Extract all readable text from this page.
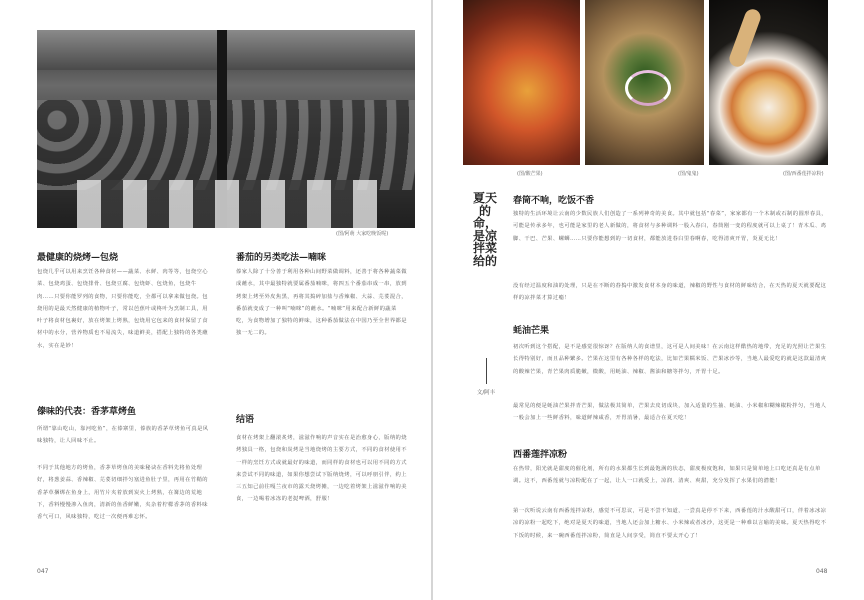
(图/阿萌 大家吃晚饭呢)
最健康的烧烤—包烧

包烧几乎可以用来烹饪各种食材——蔬菜、水鲜、肉等等，包烧空心菜、包烧鸡蛋、包烧排骨、包烧豆腐、包烧虾、包烧鱼，包烧牛肉……只要你能罗列的食物，只要你能吃，全都可以拿来做包烧。包烧用的是最天然健康的植物叶子，常以芭蕉叶或柊叶为烹制工具，用叶子将食材包裹好，放在烤架上烤熟，包烧用它包来的食材保留了食材中的水分，营养物质也不易流失，味道鲜美，搭配上独特的各类蘸水，实在是妙！

傣味的代表：香茅草烤鱼

所谓“靠山吃山，靠河吃鱼”，在傣寨里，傣族的香茅草烤鱼可真是风味独特，让人回味不止。

不同于其他地方的烤鱼，香茅草烤鱼的美味秘诀在香料先将鱼处理好，将葱姜蒜、香辣椒、芫荽切细拌匀塞进鱼肚子里，再用在竹鞘的香茅草捆绑在鱼身上，用竹片夹着放到炭火上烤熟，在篝边的荒地下，香料慢慢渗入鱼肉，清新的鱼香鲜嫩，夹杂着柠檬香茅的香料味香气可口，风味独特，吃过一次便再难忘怀。

番茄的另类吃法—喃咪

傣家人除了十分善于利用各种山间野菜做调料，还善于将各种蔬菜做成蘸水，其中最独特就要属番茄喃咪，将四五个番茄串成一串，放到烤架上烤至外皮焦黑，再将其捣碎加盐与香辣椒、大蒜、芫荽混合，番茄就变成了一种叫“喃咪”的蘸水。“喃咪”用来配合新鲜的蔬菜吃，为食物增加了独特的鲜味，这种番茄做法在中国乃至全世界都是独一无二的。

结语

食材在烤架上翻滚炙烤，滋滋作响的声音实在是治愈身心，版纳的烧烤独具一格，包烧和炭烤是当地烧烤的主要方式，不同的食材使用不一样的烹饪方式或就最好的味道，而同样的食材也可以用不同的方式来尝试不同的味道，如果你想尝试下版纳烧烤，可以呼朋引伴，约上三五知己前往嘎兰夜市的露天烧烤摊，一边吃着烤架上滋滋作响的美食，一边喝着冰冻的老挝啤酒，舒服！

047
(图/酸芒果)	(图/鬼鬼)	(图/西番莲拌凉粉)
夏天的命，是凉拌菜给的
文/阿丰
春筒不响，吃饭不香

独特的生活环境让云南的少数民族人们创造了一系列神奇的美食。其中就包括“春菜”，家家都有一个木制或石制的圆形春具，可能是传承多年，也可能是家里的老人新做的，将食材与多种调料一股入春臼，春筒刚一变的程度就可以上桌了！青木瓜、鸡脚、干巴、芒果、螺蛳……只要你能想到的一切食材，都能放进春臼里春啊春，吃得清爽开胃，炎夏无比！

没有经过温度和油的处理，只是在不断的舂捣中激发食材本身的味道，辣椒的野性与食材的鲜味结合，在天热的夏天就要配这样的凉拌菜才算过瘾！

蚝油芒果

初次听到这个搭配，是不是感觉很惊讶？在版纳人的食谱里，这可是人间美味！在云南这样酷热的地带，充足的光照让芒果生长得特别好，而且品种繁多。芒果在这里有各种各样的吃法，比如芒果糯米饭、芒果冰沙等，当地人最爱吃的就是这款最清爽的酸辣芒果，青芒果肉质脆嫩，微酸，用蚝油、辣椒、酱油和糖等拌匀，开胃十足。

最常见的便是蚝油芒果拌青芒果，做法极其简单，芒果去皮切成块，加入适量的生抽、蚝油、小米椒和糊辣椒粉拌匀，当地人一般会加上一些鲜香料，味道鲜辣咸香，开胃消暑，最适合在夏天吃！

西番莲拌凉粉

在热带，阳光就是甜度的催化剂，所有的水果都生长到最饱满的状态，甜度极度饱和，如果只是简单地上口吃还真是有点单调。这不，西番莲就与凉粉配在了一起，让人一口就爱上，凉润、清爽、爽甜，充分发挥了水果们的潜能！

第一次听说云南有西番莲拌凉粉，感觉不可思议，可是不尝不知道，一尝真是停不下来，西番莲的汁水酸甜可口，伴着冰冰凉凉的凉粉一起吃下，绝对是夏天的味道，当地人还会加上糖水、小米辣或者冰沙，这更是一种难以言喻的美味。夏天热得吃不下饭的时候，来一碗西番莲拌凉粉，简直是人间享受，简直不要太开心了！

048
